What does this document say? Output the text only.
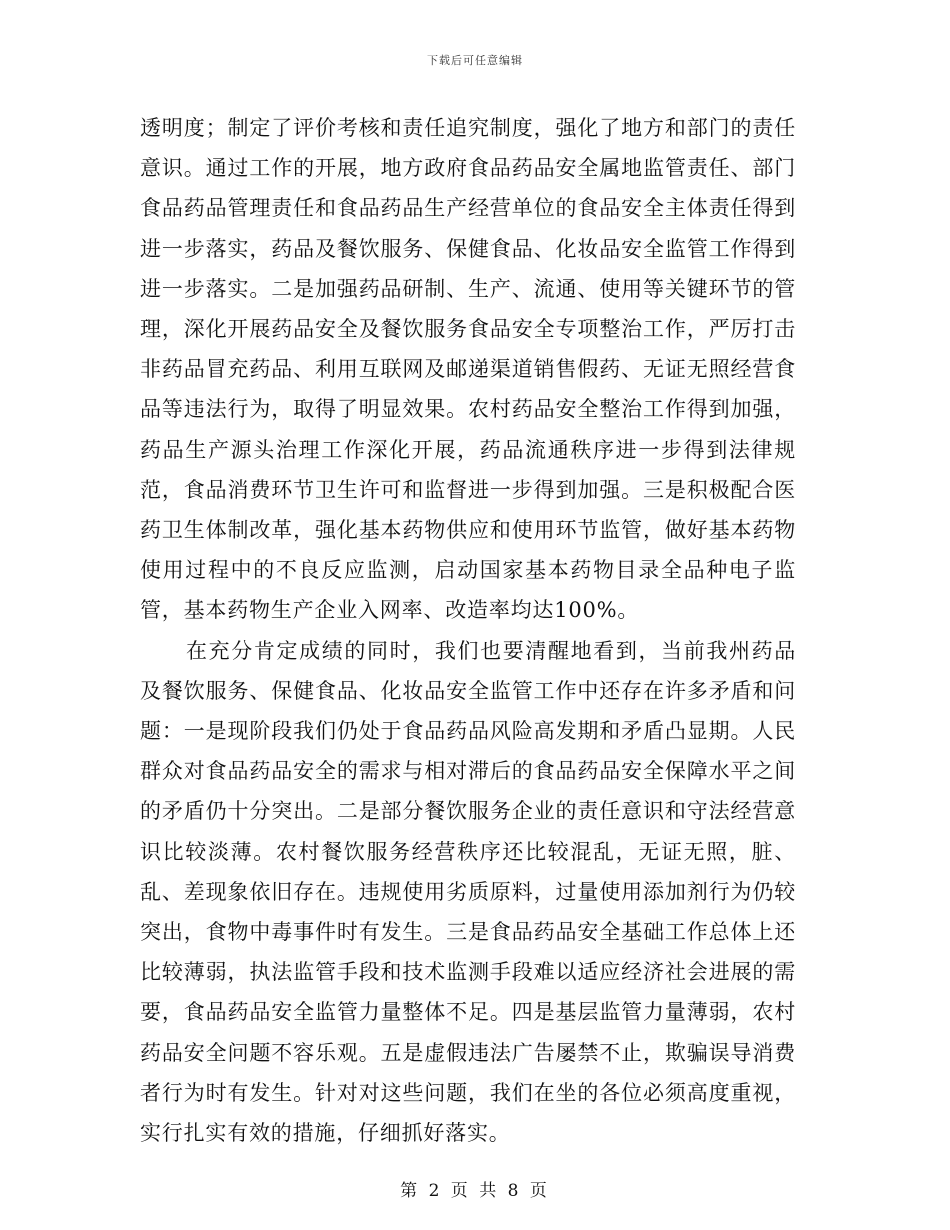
下载后可任意编辑

透明度；制定了评价考核和责任追究制度，强化了地方和部门的责任意识。通过工作的开展，地方政府食品药品安全属地监管责任、部门食品药品管理责任和食品药品生产经营单位的食品安全主体责任得到进一步落实，药品及餐饮服务、保健食品、化妆品安全监管工作得到进一步落实。二是加强药品研制、生产、流通、使用等关键环节的管理，深化开展药品安全及餐饮服务食品安全专项整治工作，严厉打击非药品冒充药品、利用互联网及邮递渠道销售假药、无证无照经营食品等违法行为，取得了明显效果。农村药品安全整治工作得到加强，药品生产源头治理工作深化开展，药品流通秩序进一步得到法律规范，食品消费环节卫生许可和监督进一步得到加强。三是积极配合医药卫生体制改革，强化基本药物供应和使用环节监管，做好基本药物使用过程中的不良反应监测，启动国家基本药物目录全品种电子监管，基本药物生产企业入网率、改造率均达100%。

在充分肯定成绩的同时，我们也要清醒地看到，当前我州药品及餐饮服务、保健食品、化妆品安全监管工作中还存在许多矛盾和问题：一是现阶段我们仍处于食品药品风险高发期和矛盾凸显期。人民群众对食品药品安全的需求与相对滞后的食品药品安全保障水平之间的矛盾仍十分突出。二是部分餐饮服务企业的责任意识和守法经营意识比较淡薄。农村餐饮服务经营秩序还比较混乱，无证无照，脏、乱、差现象依旧存在。违规使用劣质原料，过量使用添加剂行为仍较突出，食物中毒事件时有发生。三是食品药品安全基础工作总体上还比较薄弱，执法监管手段和技术监测手段难以适应经济社会进展的需要，食品药品安全监管力量整体不足。四是基层监管力量薄弱，农村药品安全问题不容乐观。五是虚假违法广告屡禁不止，欺骗误导消费者行为时有发生。针对对这些问题，我们在坐的各位必须高度重视，实行扎实有效的措施，仔细抓好落实。

第 2 页 共 8 页
